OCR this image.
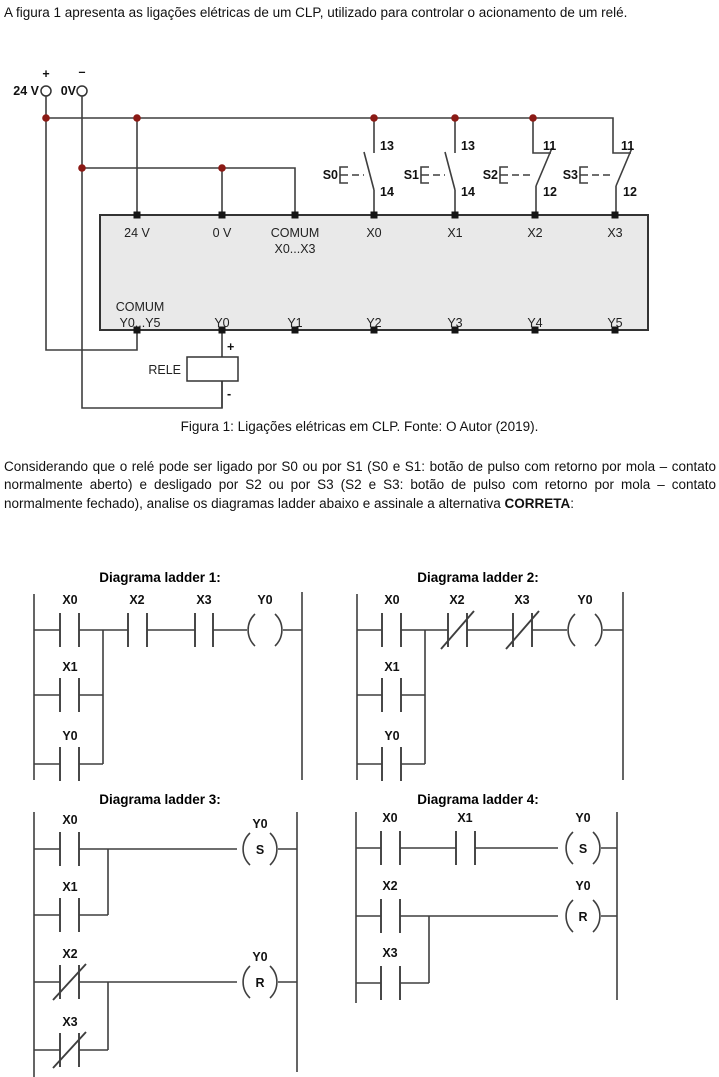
A figura 1 apresenta as ligações elétricas de um CLP, utilizado para controlar o acionamento de um relé.

+ –
24 V 0V
S0
13
14
S1
13
14
S2
11
12
S3
11
12
24 V	0 V	COMUM
X0...X3
X0	X1	X2	X3
COMUM
Y0...Y5	Y0	Y1	Y2	Y3	Y4	Y5
RELE
+
-
Figura 1: Ligações elétricas em CLP. Fonte: O Autor (2019).

Considerando que o relé pode ser ligado por S0 ou por S1 (S0 e S1: botão de pulso com retorno por mola – contato normalmente aberto) e desligado por S2 ou por S3 (S2 e S3: botão de pulso com retorno por mola – contato normalmente fechado), analise os diagramas ladder abaixo e assinale a alternativa CORRETA:

Diagrama ladder 1:	Diagrama ladder 2:
Diagrama ladder 3:	Diagrama ladder 4:
X0	X2	X3	Y0
X1
Y0
X0	X2	X3	Y0
X1
Y0
X0	Y0
S
X1
X2	Y0
R
X3
X0	X1	Y0
S
X2	Y0
R
X3
